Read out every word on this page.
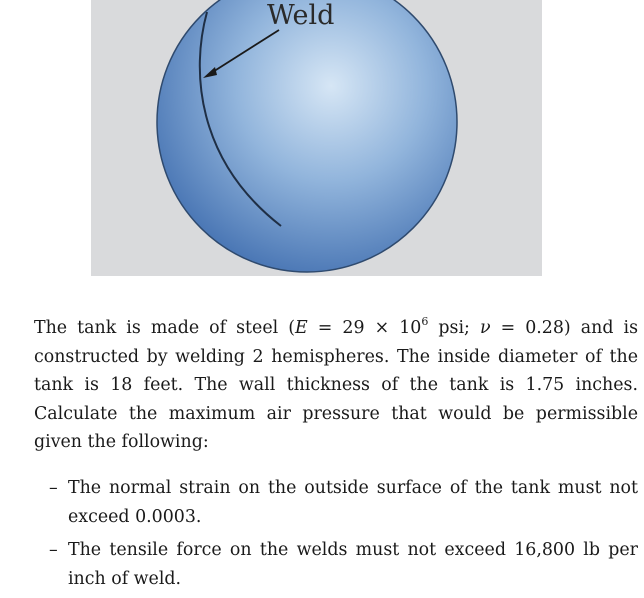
Weld

The tank is made of steel ($E = 29 \times 10^6$ psi; ν = 0.28) and is constructed by welding 2 hemispheres. The inside diameter of the tank is 18 feet. The wall thickness of the tank is 1.75 inches. Calculate the maximum air pressure that would be permissible given the following:

– The normal strain on the outside surface of the tank must not exceed 0.0003.
– The tensile force on the welds must not exceed 16,800 lb per inch of weld.
